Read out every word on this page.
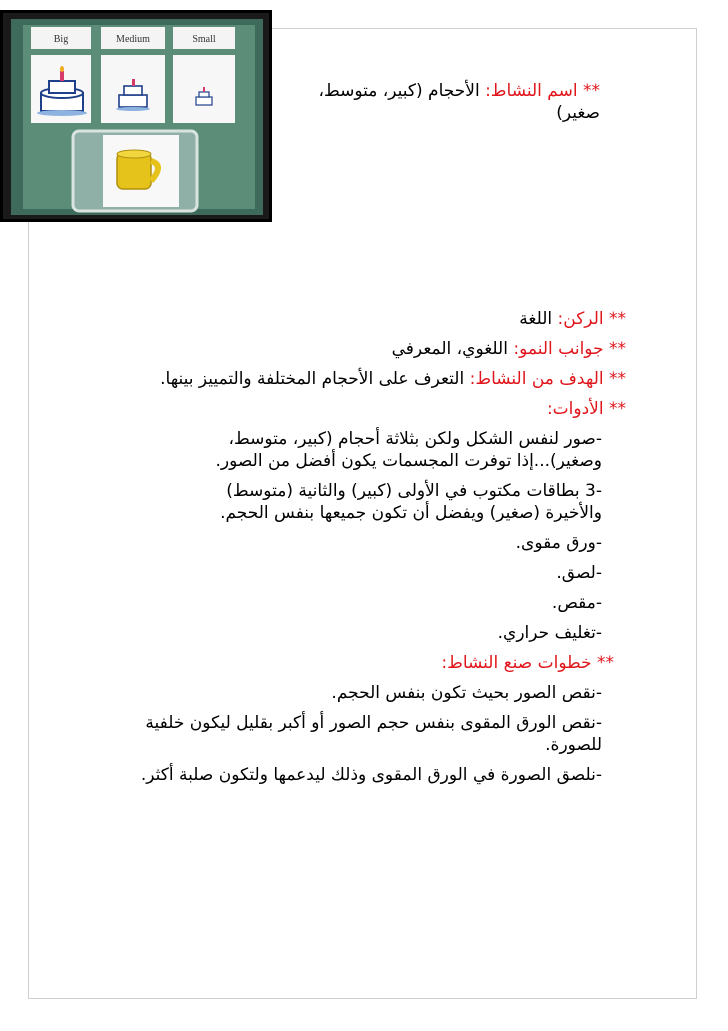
Big	Medium	Small

** اسم النشاط: الأحجام (كبير، متوسط، صغير)

** الركن: اللغة

** جوانب النمو: اللغوي، المعرفي

** الهدف من النشاط: التعرف على الأحجام المختلفة والتمييز بينها.

** الأدوات:

-صور لنفس الشكل ولكن بثلاثة أحجام (كبير، متوسط، وصغير)...إذا توفرت المجسمات يكون أفضل من الصور.

-3 بطاقات مكتوب في الأولى (كبير) والثانية (متوسط) والأخيرة (صغير) ويفضل أن تكون جميعها بنفس الحجم.

-ورق مقوى.

-لصق.

-مقص.

-تغليف حراري.

** خطوات صنع النشاط:

-نقص الصور بحيث تكون بنفس الحجم.

-نقص الورق المقوى بنفس حجم الصور أو أكبر بقليل ليكون خلفية للصورة.

-نلصق الصورة في الورق المقوى وذلك ليدعمها ولتكون صلبة أكثر.
